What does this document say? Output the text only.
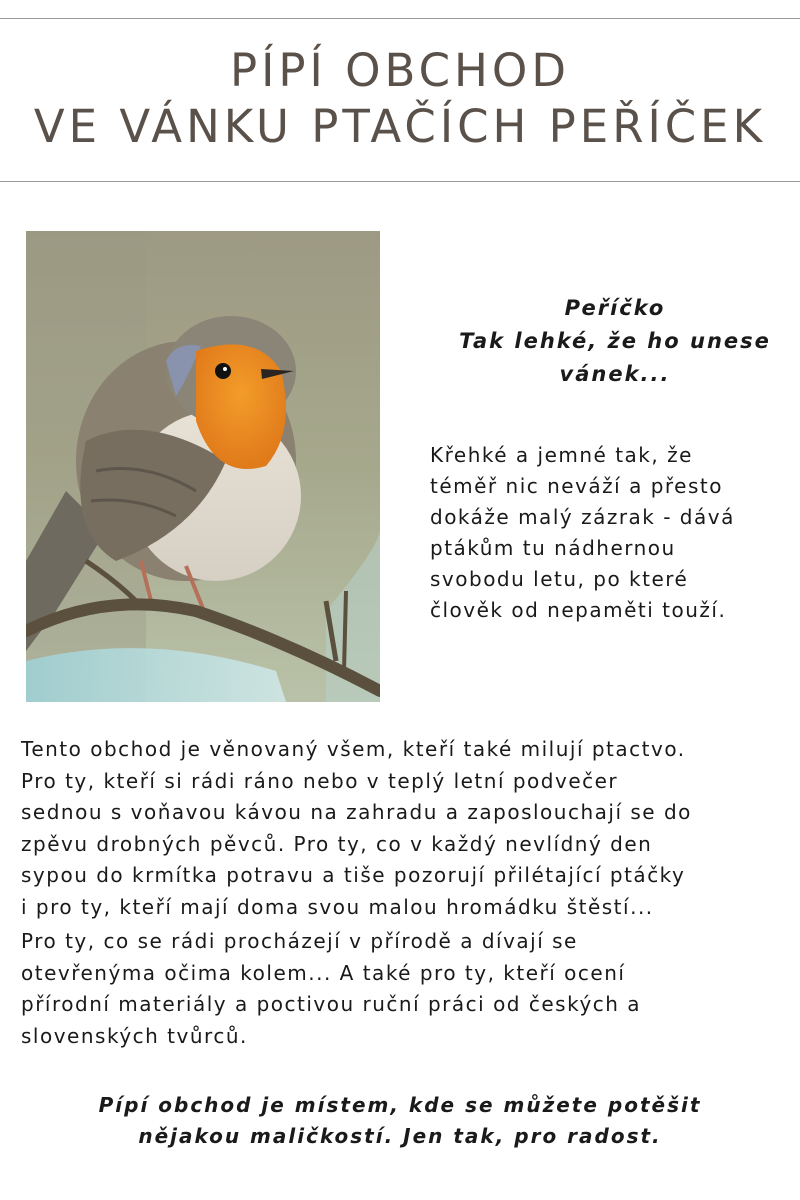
PÍPÍ OBCHOD
VE VÁNKU PTAČÍCH PEŘÍČEK
Peříčko
Tak lehké, že ho unese
vánek...
Křehké a jemné tak, že
téměř nic neváží a přesto
dokáže malý zázrak - dává
ptákům tu nádhernou
svobodu letu, po které
člověk od nepaměti touží.
Tento obchod je věnovaný všem, kteří také milují ptactvo.
Pro ty, kteří si rádi ráno nebo v teplý letní podvečer
sednou s voňavou kávou na zahradu a zaposlouchají se do
zpěvu drobných pěvců. Pro ty, co v každý nevlídný den
sypou do krmítka potravu a tiše pozorují přilétající ptáčky
i pro ty, kteří mají doma svou malou hromádku štěstí...
Pro ty, co se rádi procházejí v přírodě a dívají se
otevřenýma očima kolem... A také pro ty, kteří ocení
přírodní materiály a poctivou ruční práci od českých a
slovenských tvůrců.
Pípí obchod je místem, kde se můžete potěšit
nějakou maličkostí. Jen tak, pro radost.
